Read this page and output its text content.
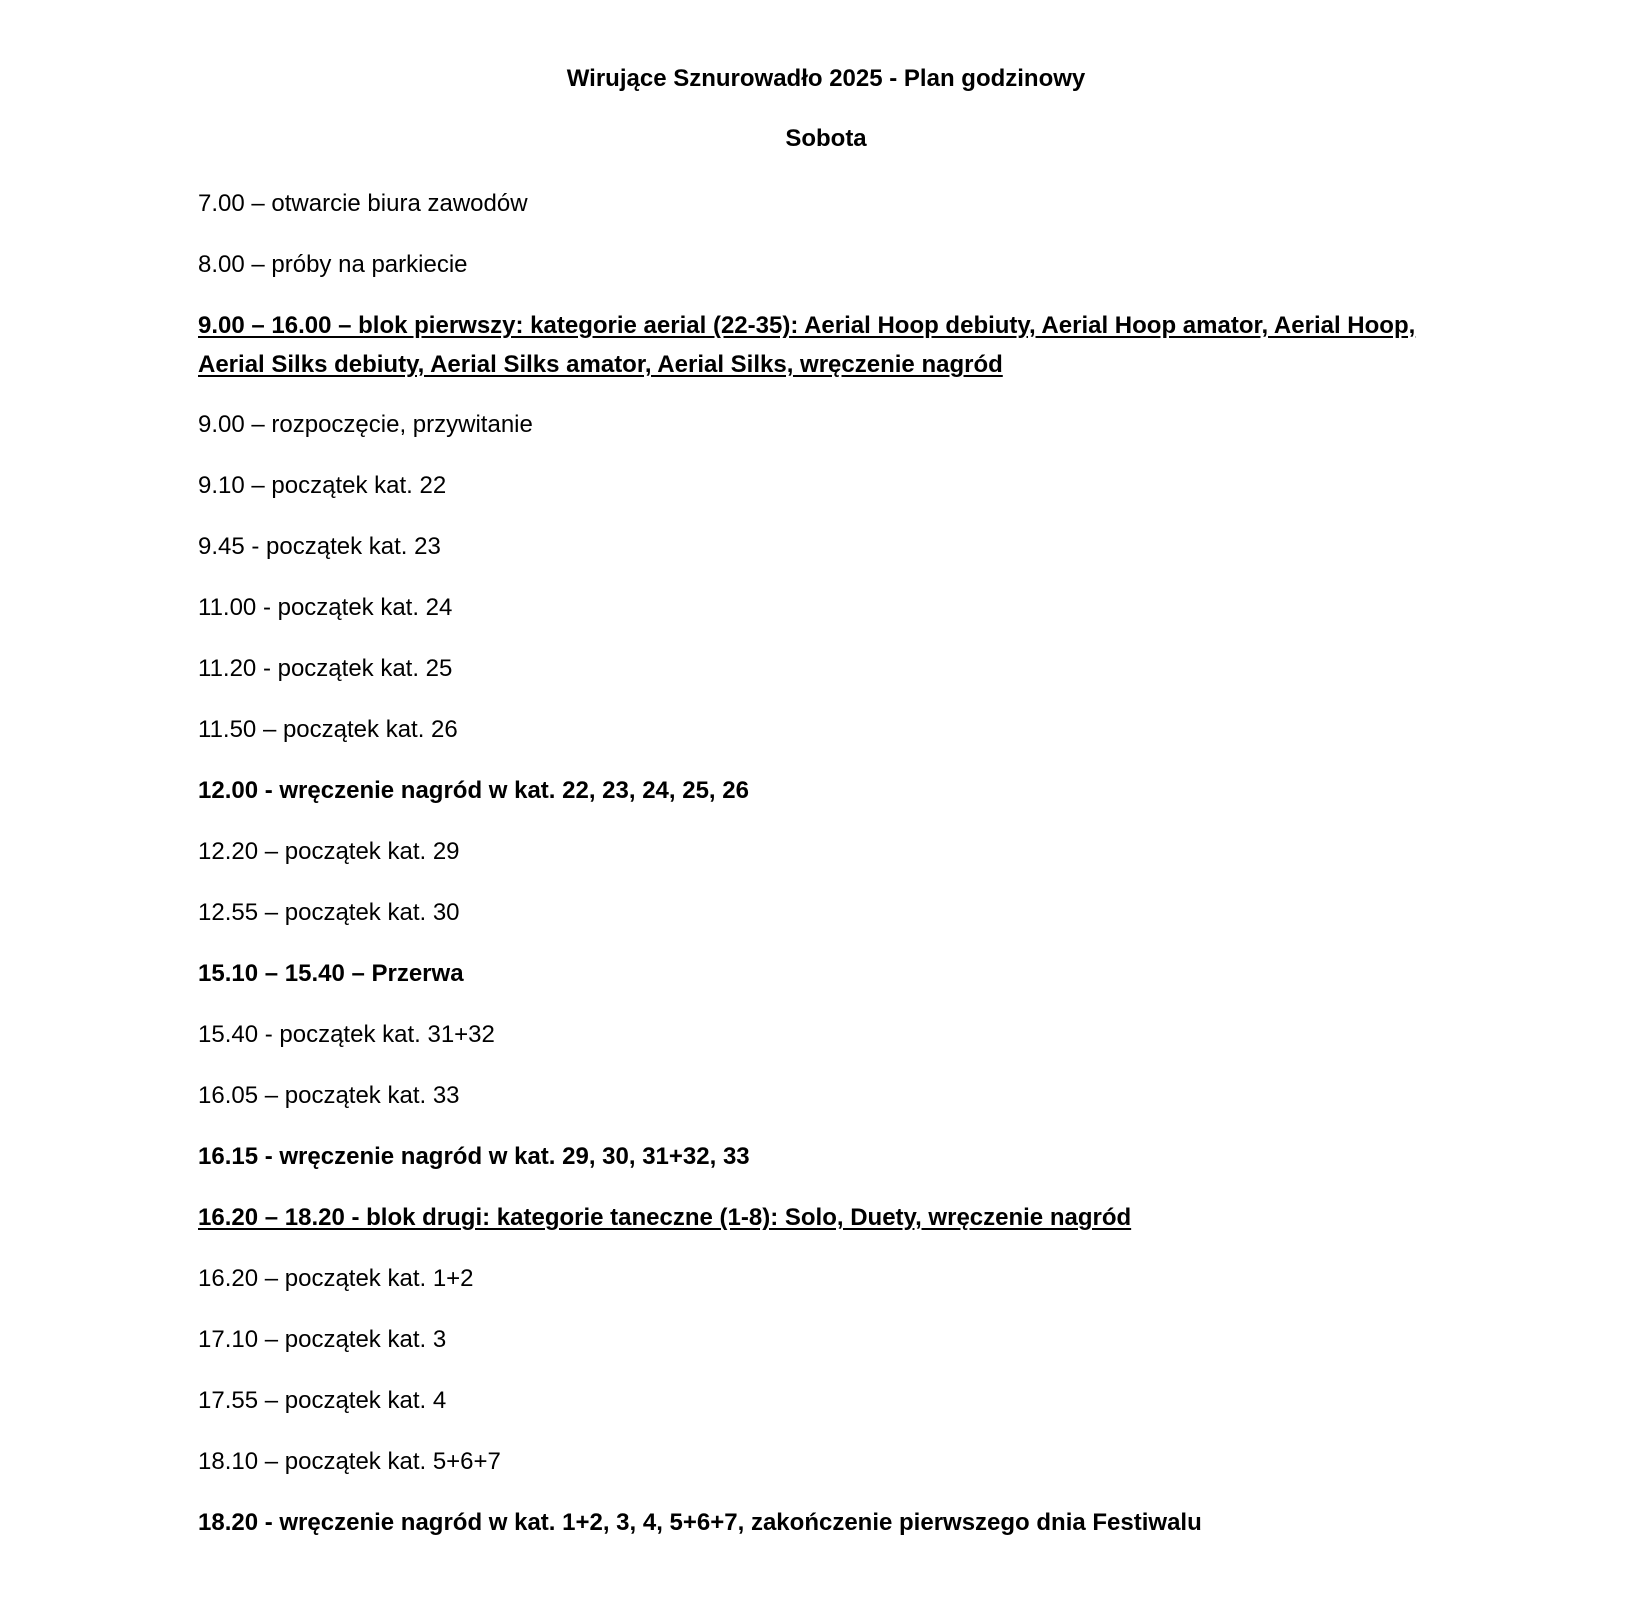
Wirujące Sznurowadło 2025 - Plan godzinowy
Sobota
7.00 – otwarcie biura zawodów
8.00 – próby na parkiecie
9.00 – 16.00 – blok pierwszy: kategorie aerial (22-35): Aerial Hoop debiuty, Aerial Hoop amator, Aerial Hoop, Aerial Silks debiuty, Aerial Silks amator, Aerial Silks, wręczenie nagród
9.00 – rozpoczęcie, przywitanie
9.10 – początek kat. 22
9.45 - początek kat. 23
11.00 - początek kat. 24
11.20 - początek kat. 25
11.50 – początek kat. 26
12.00 - wręczenie nagród w kat. 22, 23, 24, 25, 26
12.20 – początek kat. 29
12.55 – początek kat. 30
15.10 – 15.40 – Przerwa
15.40 - początek kat. 31+32
16.05 – początek kat. 33
16.15 - wręczenie nagród w kat. 29, 30, 31+32, 33
16.20 – 18.20 - blok drugi: kategorie taneczne (1-8): Solo, Duety, wręczenie nagród
16.20 – początek kat. 1+2
17.10 – początek kat. 3
17.55 – początek kat. 4
18.10 – początek kat. 5+6+7
18.20 - wręczenie nagród w kat. 1+2, 3, 4, 5+6+7, zakończenie pierwszego dnia Festiwalu
